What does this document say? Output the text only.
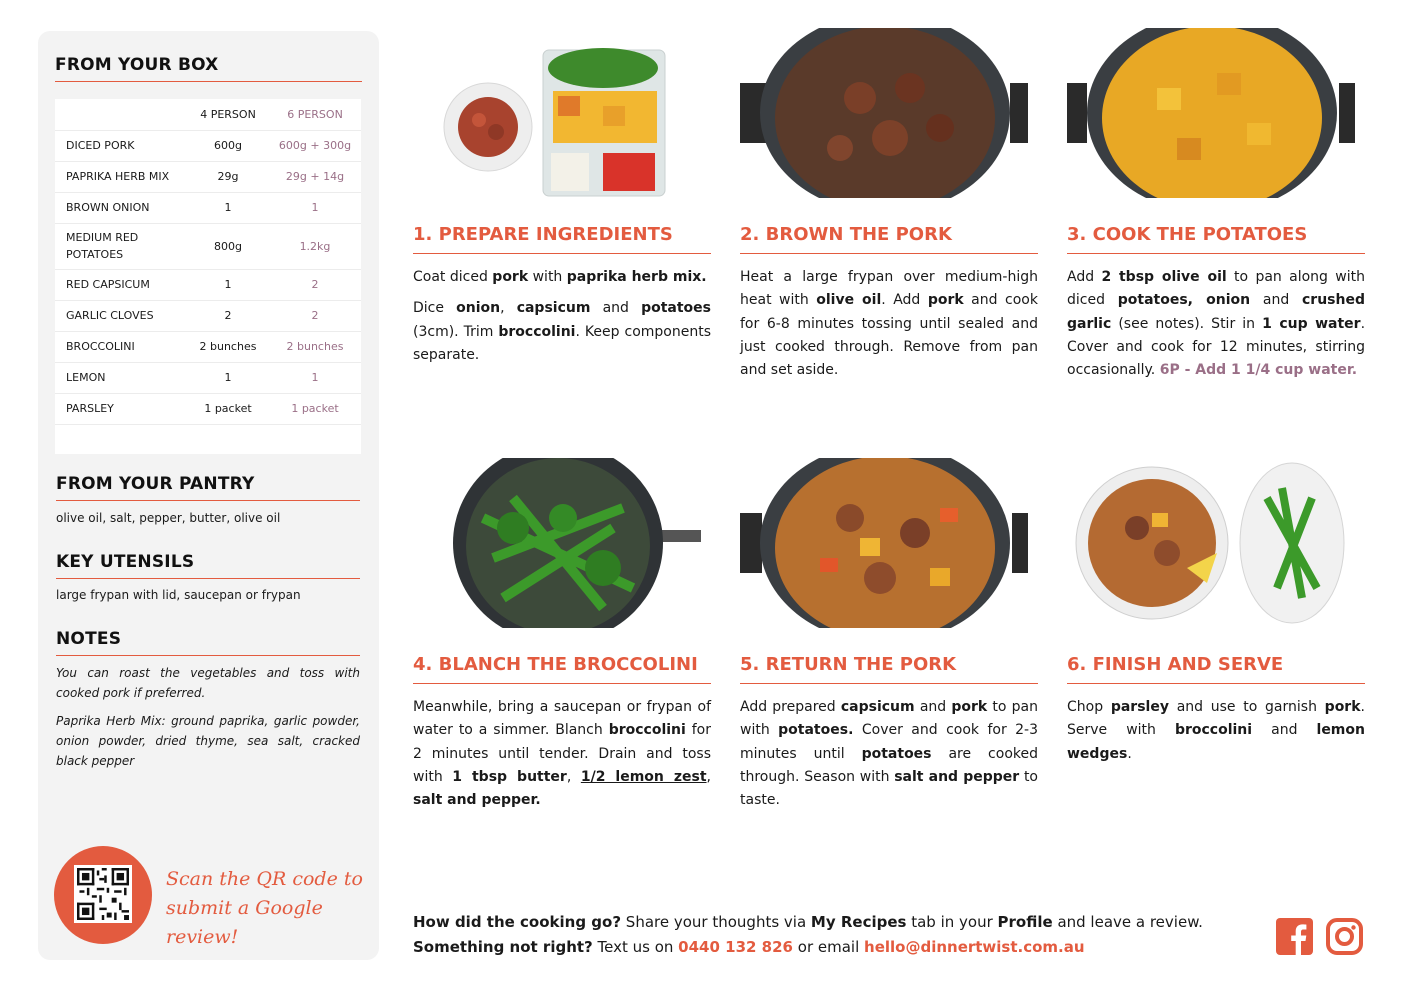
FROM YOUR BOX
	4 PERSON	6 PERSON
DICED PORK	600g	600g + 300g
PAPRIKA HERB MIX	29g	29g + 14g
BROWN ONION	1	1
MEDIUM RED POTATOES	800g	1.2kg
RED CAPSICUM	1	2
GARLIC CLOVES	2	2
BROCCOLINI	2 bunches	2 bunches
LEMON	1	1
PARSLEY	1 packet	1 packet

FROM YOUR PANTRY
olive oil, salt, pepper, butter, olive oil
KEY UTENSILS
large frypan with lid, saucepan or frypan
NOTES
You can roast the vegetables and toss with cooked pork if preferred.
Paprika Herb Mix: ground paprika, garlic powder, onion powder, dried thyme, sea salt, cracked black pepper
Scan the QR code to
submit a Google review!
1. PREPARE INGREDIENTS

Coat diced pork with paprika herb mix.

Dice onion, capsicum and potatoes (3cm). Trim broccolini. Keep components separate.

2. BROWN THE PORK

Heat a large frypan over medium-high heat with olive oil. Add pork and cook for 6-8 minutes tossing until sealed and just cooked through. Remove from pan and set aside.

3. COOK THE POTATOES

Add 2 tbsp olive oil to pan along with diced potatoes, onion and crushed garlic (see notes). Stir in 1 cup water. Cover and cook for 12 minutes, stirring occasionally. 6P - Add 1 1/4 cup water.

4. BLANCH THE BROCCOLINI

Meanwhile, bring a saucepan or frypan of water to a simmer. Blanch broccolini for 2 minutes until tender. Drain and toss with 1 tbsp butter, 1/2 lemon zest, salt and pepper.

5. RETURN THE PORK

Add prepared capsicum and pork to pan with potatoes. Cover and cook for 2-3 minutes until potatoes are cooked through. Season with salt and pepper to taste.

6. FINISH AND SERVE

Chop parsley and use to garnish pork. Serve with broccolini and lemon wedges.

How did the cooking go? Share your thoughts via My Recipes tab in your Profile and leave a review.
Something not right? Text us on 0440 132 826 or email hello@dinnertwist.com.au
